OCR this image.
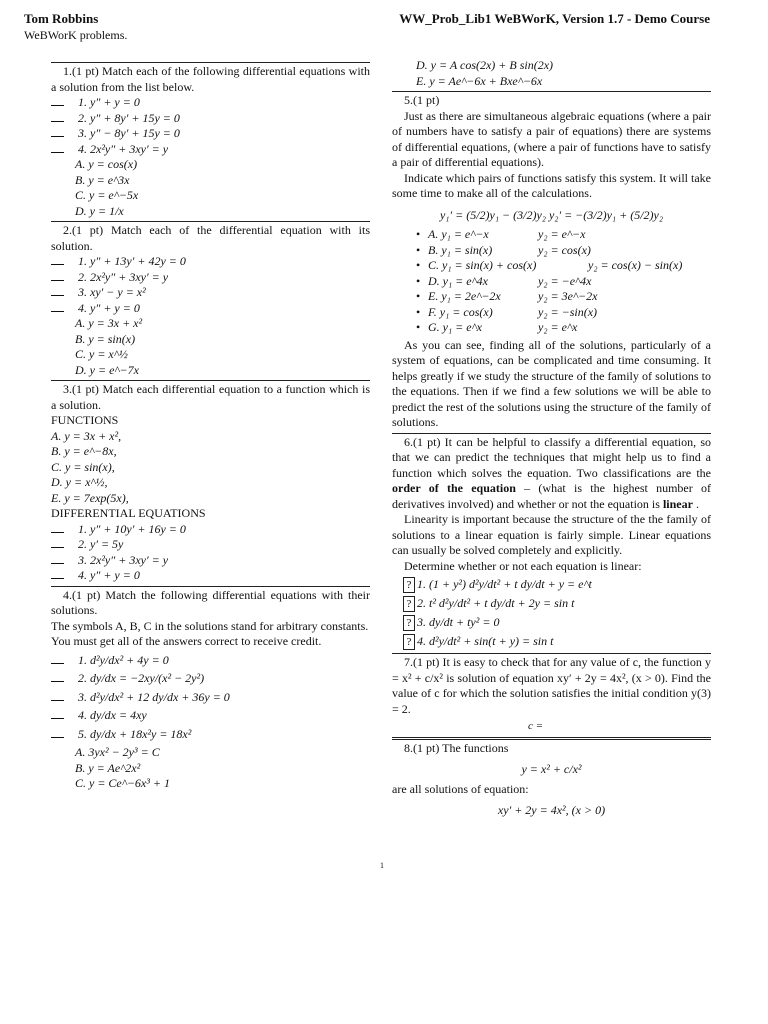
Tom Robbins
WeBWorK problems.
WW_Prob_Lib1 WeBWorK, Version 1.7 - Demo Course
1.(1 pt) Match each of the following differential equations with a solution from the list below.
1. y″ + y = 0
2. y″ + 8y′ + 15y = 0
3. y″ − 8y′ + 15y = 0
4. 2x²y″ + 3xy′ = y
A. y = cos(x)
B. y = e^3x
C. y = e^−5x
D. y = 1/x
2.(1 pt) Match each of the differential equation with its solution.
1. y″ + 13y′ + 42y = 0
2. 2x²y″ + 3xy′ = y
3. xy′ − y = x²
4. y″ + y = 0
A. y = 3x + x²
B. y = sin(x)
C. y = x^½
D. y = e^−7x
3.(1 pt) Match each differential equation to a function which is a solution.
FUNCTIONS
A. y = 3x + x²,
B. y = e^−8x,
C. y = sin(x),
D. y = x^½,
E. y = 7exp(5x),
DIFFERENTIAL EQUATIONS
1. y″ + 10y′ + 16y = 0
2. y′ = 5y
3. 2x²y″ + 3xy′ = y
4. y″ + y = 0
4.(1 pt) Match the following differential equations with their solutions.
The symbols A, B, C in the solutions stand for arbitrary constants.
You must get all of the answers correct to receive credit.
1. d²y/dx² + 4y = 0
2. dy/dx = −2xy/(x² − 2y²)
3. d²y/dx² + 12 dy/dx + 36y = 0
4. dy/dx = 4xy
5. dy/dx + 18x²y = 18x²
A. 3yx² − 2y³ = C
B. y = Ae^2x²
C. y = Ce^−6x³ + 1
D. y = A cos(2x) + B sin(2x)
E. y = Ae^−6x + Bxe^−6x
5.(1 pt)
Just as there are simultaneous algebraic equations (where a pair of numbers have to satisfy a pair of equations) there are systems of differential equations, (where a pair of functions have to satisfy a pair of differential equations).
Indicate which pairs of functions satisfy this system. It will take some time to make all of the calculations.
y₁′ = (5/2)y₁ − (3/2)y₂ y₂′ = −(3/2)y₁ + (5/2)y₂
• A. y₁ = e^−x	y₂ = e^−x
• B. y₁ = sin(x)	y₂ = cos(x)
• C. y₁ = sin(x) + cos(x)	y₂ = cos(x) − sin(x)
• D. y₁ = e^4x	y₂ = −e^4x
• E. y₁ = 2e^−2x	y₂ = 3e^−2x
• F. y₁ = cos(x)	y₂ = −sin(x)
• G. y₁ = e^x	y₂ = e^x
As you can see, finding all of the solutions, particularly of a system of equations, can be complicated and time consuming. It helps greatly if we study the structure of the family of solutions to the equations. Then if we find a few solutions we will be able to predict the rest of the solutions using the structure of the family of solutions.
6.(1 pt) It can be helpful to classify a differential equation, so that we can predict the techniques that might help us to find a function which solves the equation. Two classifications are the order of the equation – (what is the highest number of derivatives involved) and whether or not the equation is linear .
Linearity is important because the structure of the the family of solutions to a linear equation is fairly simple. Linear equations can usually be solved completely and explicitly.
Determine whether or not each equation is linear:
? 1. (1 + y²) d²y/dt² + t dy/dt + y = e^t
? 2. t² d²y/dt² + t dy/dt + 2y = sin t
? 3. dy/dt + ty² = 0
? 4. d²y/dt² + sin(t + y) = sin t
7.(1 pt) It is easy to check that for any value of c, the function y = x² + c/x² is solution of equation xy′ + 2y = 4x², (x > 0). Find the value of c for which the solution satisfies the initial condition y(3) = 2.
c =
8.(1 pt) The functions
y = x² + c/x²
are all solutions of equation:
xy′ + 2y = 4x², (x > 0)
1
